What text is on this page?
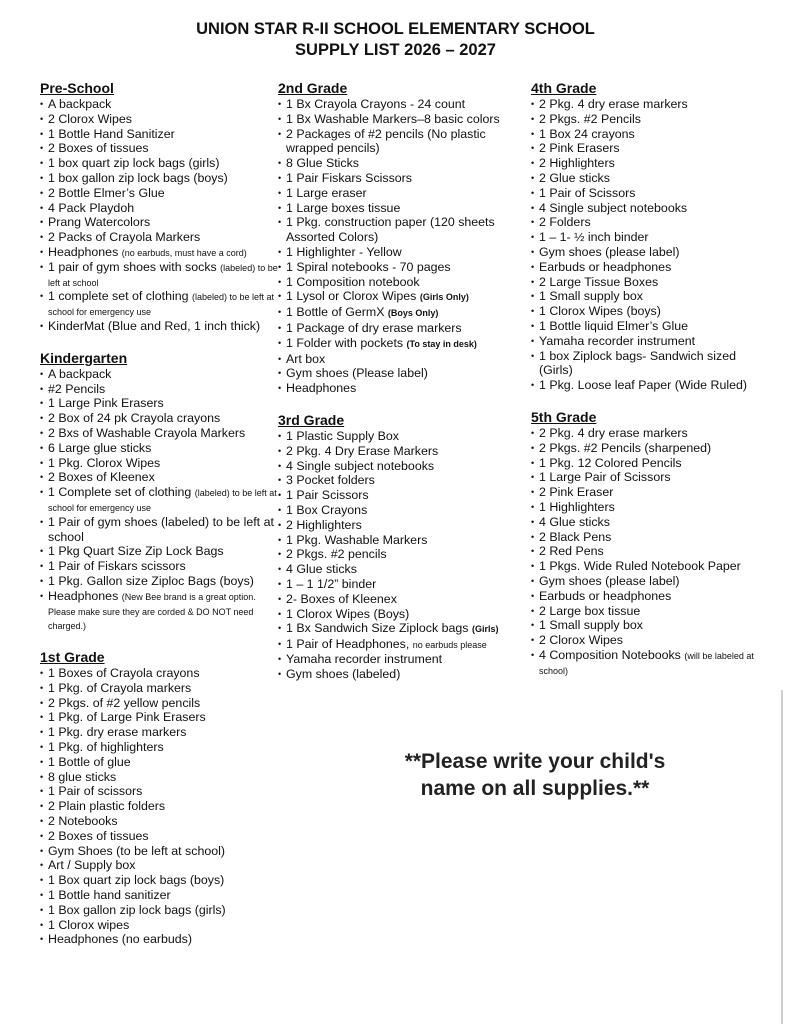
UNION STAR R-II SCHOOL ELEMENTARY SCHOOL
SUPPLY LIST 2026 – 2027
Pre-School
• A backpack
• 2 Clorox Wipes
• 1 Bottle Hand Sanitizer
• 2 Boxes of tissues
• 1 box quart zip lock bags (girls)
• 1 box gallon zip lock bags (boys)
• 2 Bottle Elmer’s Glue
• 4 Pack Playdoh
• Prang Watercolors
• 2 Packs of Crayola Markers
• Headphones (no earbuds, must have a cord)
• 1 pair of gym shoes with socks (labeled) to be left at school
• 1 complete set of clothing (labeled) to be left at school for emergency use
• KinderMat (Blue and Red, 1 inch thick)
Kindergarten
• A backpack
• #2 Pencils
• 1 Large Pink Erasers
• 2 Box of 24 pk Crayola crayons
• 2 Bxs of Washable Crayola Markers
• 6 Large glue sticks
• 1 Pkg. Clorox Wipes
• 2 Boxes of Kleenex
• 1 Complete set of clothing (labeled) to be left at school for emergency use
• 1 Pair of gym shoes (labeled) to be left at school
• 1 Pkg Quart Size Zip Lock Bags
• 1 Pair of Fiskars scissors
• 1 Pkg. Gallon size Ziploc Bags (boys)
• Headphones (New Bee brand is a great option. Please make sure they are corded & DO NOT need charged.)
1st Grade
• 1 Boxes of Crayola crayons
• 1 Pkg. of Crayola markers
• 2 Pkgs. of #2 yellow pencils
• 1 Pkg. of Large Pink Erasers
• 1 Pkg. dry erase markers
• 1 Pkg. of highlighters
• 1 Bottle of glue
• 8 glue sticks
• 1 Pair of scissors
• 2 Plain plastic folders
• 2 Notebooks
• 2 Boxes of tissues
• Gym Shoes (to be left at school)
• Art / Supply box
• 1 Box quart zip lock bags (boys)
• 1 Bottle hand sanitizer
• 1 Box gallon zip lock bags (girls)
• 1 Clorox wipes
• Headphones (no earbuds)
2nd Grade
• 1 Bx Crayola Crayons - 24 count
• 1 Bx Washable Markers–8 basic colors
• 2 Packages of #2 pencils (No plastic wrapped pencils)
• 8 Glue Sticks
• 1 Pair Fiskars Scissors
• 1 Large eraser
• 1 Large boxes tissue
• 1 Pkg. construction paper (120 sheets Assorted Colors)
• 1 Highlighter - Yellow
• 1 Spiral notebooks - 70 pages
• 1 Composition notebook
• 1 Lysol or Clorox Wipes (Girls Only)
• 1 Bottle of GermX (Boys Only)
• 1 Package of dry erase markers
• 1 Folder with pockets (To stay in desk)
• Art box
• Gym shoes (Please label)
• Headphones
3rd Grade
• 1 Plastic Supply Box
• 2 Pkg. 4 Dry Erase Markers
• 4 Single subject notebooks
• 3 Pocket folders
• 1 Pair Scissors
• 1 Box Crayons
• 2 Highlighters
• 1 Pkg. Washable Markers
• 2 Pkgs. #2 pencils
• 4 Glue sticks
• 1 – 1 1/2” binder
• 2- Boxes of Kleenex
• 1 Clorox Wipes (Boys)
• 1 Bx Sandwich Size Ziplock bags (Girls)
• 1 Pair of Headphones, no earbuds please
• Yamaha recorder instrument
• Gym shoes (labeled)
4th Grade
• 2 Pkg. 4 dry erase markers
• 2 Pkgs. #2 Pencils
• 1 Box 24 crayons
• 2 Pink Erasers
• 2 Highlighters
• 2 Glue sticks
• 1 Pair of Scissors
• 4 Single subject notebooks
• 2 Folders
• 1 – 1- ½ inch binder
• Gym shoes (please label)
• Earbuds or headphones
• 2 Large Tissue Boxes
• 1 Small supply box
• 1 Clorox Wipes (boys)
• 1 Bottle liquid Elmer’s Glue
• Yamaha recorder instrument
• 1 box Ziplock bags- Sandwich sized (Girls)
• 1 Pkg. Loose leaf Paper (Wide Ruled)
5th Grade
• 2 Pkg. 4 dry erase markers
• 2 Pkgs. #2 Pencils (sharpened)
• 1 Pkg. 12 Colored Pencils
• 1 Large Pair of Scissors
• 2 Pink Eraser
• 1 Highlighters
• 4 Glue sticks
• 2 Black Pens
• 2 Red Pens
• 1 Pkgs. Wide Ruled Notebook Paper
• Gym shoes (please label)
• Earbuds or headphones
• 2 Large box tissue
• 1 Small supply box
• 2 Clorox Wipes
• 4 Composition Notebooks (will be labeled at school)
**Please write your child's
name on all supplies.**
